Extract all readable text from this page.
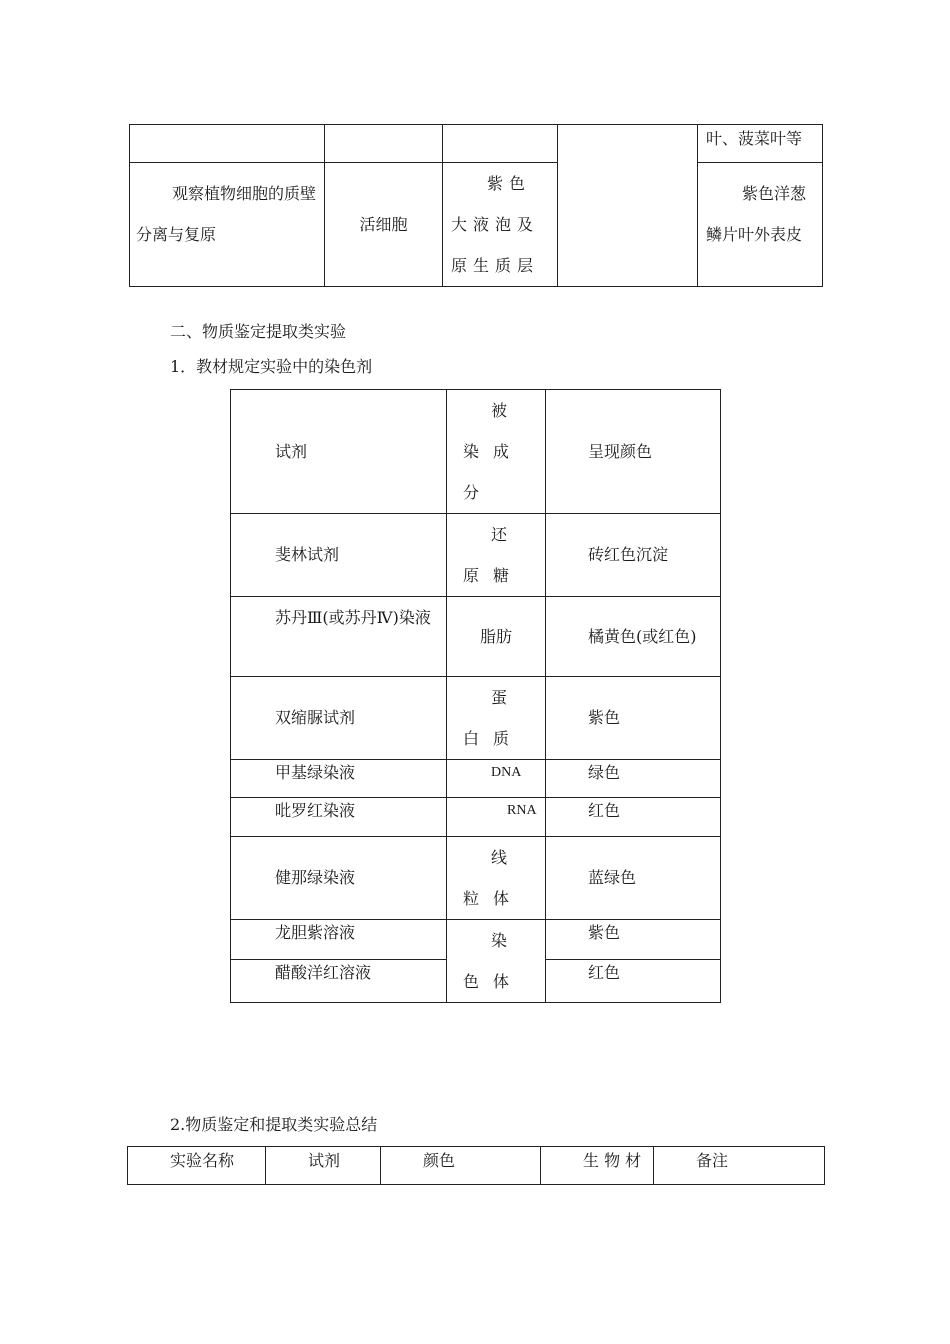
				叶、菠菜叶等
观察植物细胞的质壁分离与复原	活细胞	紫色大液泡及原生质层		紫色洋葱鳞片叶外表皮

二、物质鉴定提取类实验

1．教材规定实验中的染色剂

试剂	被染成分	呈现颜色
斐林试剂	还原糖	砖红色沉淀
苏丹Ⅲ(或苏丹Ⅳ)染液	脂肪	橘黄色(或红色)
双缩脲试剂	蛋白质	紫色
甲基绿染液	DNA	绿色
吡罗红染液	RNA	红色
健那绿染液	线粒体	蓝绿色
龙胆紫溶液	染色体	紫色
醋酸洋红溶液		红色

2.物质鉴定和提取类实验总结

实验名称	试剂	颜色	生 物 材	备注
